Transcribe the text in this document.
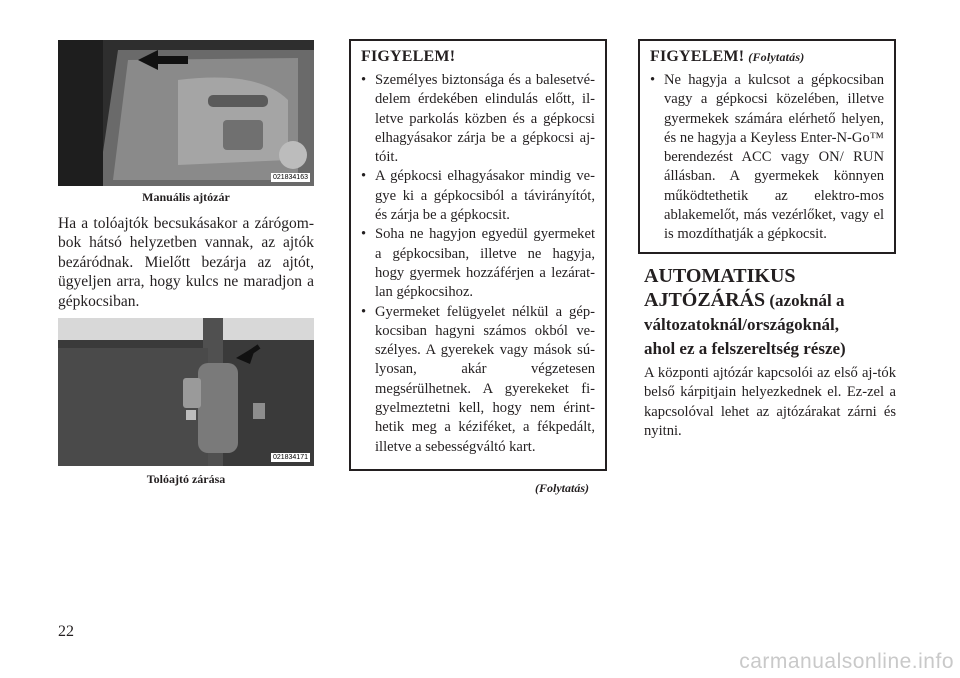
021834163
Manuális ajtózár
Ha a tolóajtók becsukásakor a zárógom-bok hátsó helyzetben vannak, az ajtók bezáródnak. Mielőtt bezárja az ajtót, ügyeljen arra, hogy kulcs ne maradjon a gépkocsiban.
021834171
Tolóajtó zárása
FIGYELEM!
• Személyes biztonsága és a balesetvé-delem érdekében elindulás előtt, il-letve parkolás közben és a gépkocsi elhagyásakor zárja be a gépkocsi aj-tóit.
• A gépkocsi elhagyásakor mindig ve-gye ki a gépkocsiból a távirányítót, és zárja be a gépkocsit.
• Soha ne hagyjon egyedül gyermeket a gépkocsiban, illetve ne hagyja, hogy gyermek hozzáférjen a lezárat-lan gépkocsihoz.
• Gyermeket felügyelet nélkül a gép-kocsiban hagyni számos okból ve-szélyes. A gyerekek vagy mások sú-lyosan, akár végzetesen megsérülhetnek. A gyerekeket fi-gyelmeztetni kell, hogy nem érint-hetik meg a kéziféket, a fékpedált, illetve a sebességváltó kart.
(Folytatás)
FIGYELEM! (Folytatás)
• Ne hagyja a kulcsot a gépkocsiban vagy a gépkocsi közelében, illetve gyermekek számára elérhető helyen, és ne hagyja a Keyless Enter-N-Go™ berendezést ACC vagy ON/ RUN állásban. A gyermekek könnyen működtethetik az elektro-mos ablakemelőt, más vezérlőket, vagy el is mozdíthatják a gépkocsit.
AUTOMATIKUS
AJTÓZÁRÁS (azoknál a
változatoknál/országoknál,
ahol ez a felszereltség része)
A központi ajtózár kapcsolói az első aj-tók belső kárpitjain helyezkednek el. Ez-zel a kapcsolóval lehet az ajtózárakat zárni és nyitni.
22
carmanualsonline.info
